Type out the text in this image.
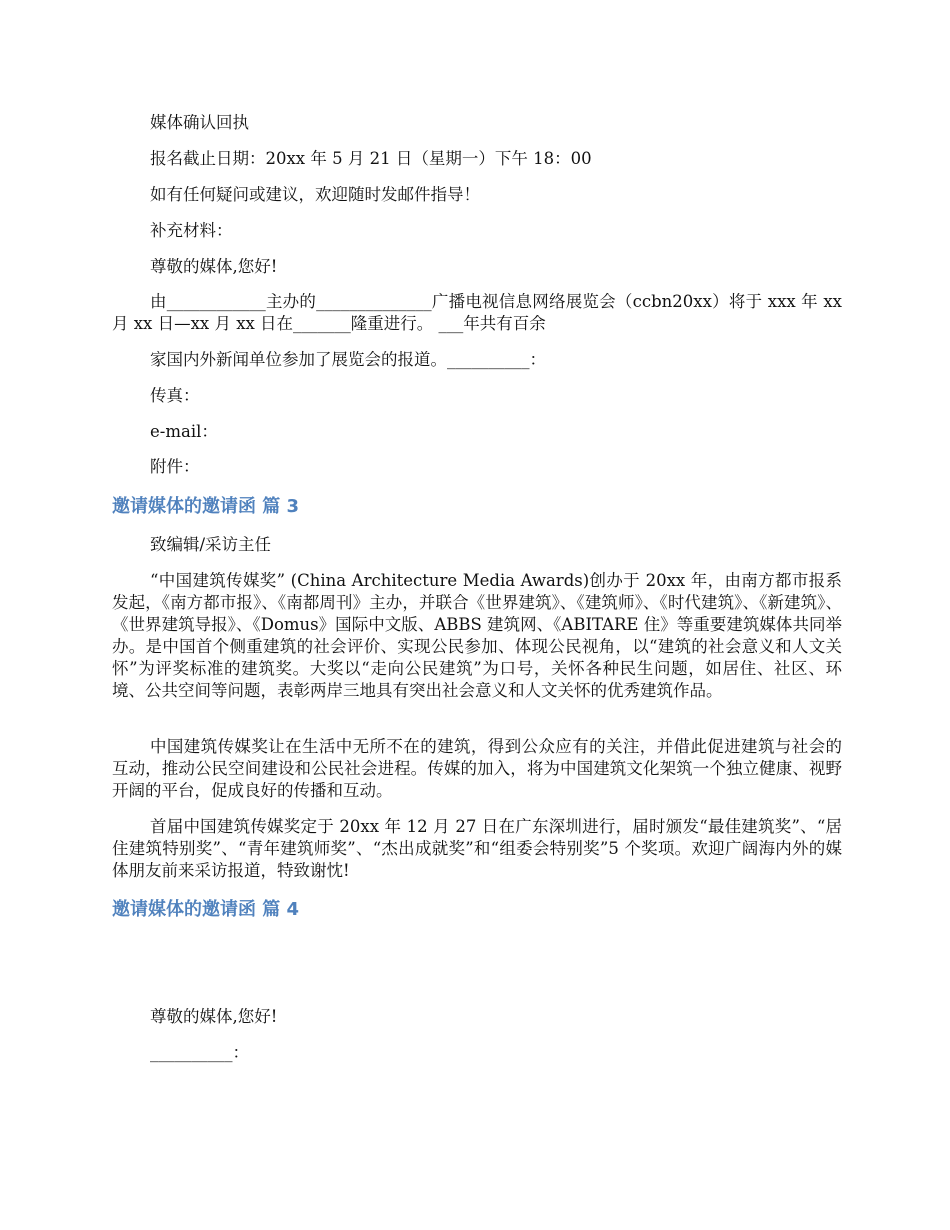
媒体确认回执
报名截止日期：20xx 年 5 月 21 日（星期一）下午 18：00
如有任何疑问或建议，欢迎随时发邮件指导！
补充材料：
尊敬的媒体,您好!
由____________主办的______________广播电视信息网络展览会（ccbn20xx）将于 xxx 年 xx 月 xx 日—xx 月 xx 日在_______隆重进行。 ___年共有百余
家国内外新闻单位参加了展览会的报道。__________：
传真：
e-mail：
附件：
邀请媒体的邀请函 篇 3
致编辑/采访主任
“中国建筑传媒奖” (China Architecture Media Awards)创办于 20xx 年，由南方都市报系发起，《南方都市报》、《南都周刊》主办，并联合《世界建筑》、《建筑师》、《时代建筑》、《新建筑》、《世界建筑导报》、《Domus》国际中文版、ABBS 建筑网、《ABITARE 住》等重要建筑媒体共同举办。是中国首个侧重建筑的社会评价、实现公民参加、体现公民视角，以“建筑的社会意义和人文关怀”为评奖标准的建筑奖。大奖以“走向公民建筑”为口号，关怀各种民生问题，如居住、社区、环境、公共空间等问题，表彰两岸三地具有突出社会意义和人文关怀的优秀建筑作品。
中国建筑传媒奖让在生活中无所不在的建筑，得到公众应有的关注，并借此促进建筑与社会的互动，推动公民空间建设和公民社会进程。传媒的加入，将为中国建筑文化架筑一个独立健康、视野开阔的平台，促成良好的传播和互动。
首届中国建筑传媒奖定于 20xx 年 12 月 27 日在广东深圳进行，届时颁发“最佳建筑奖”、“居住建筑特别奖”、“青年建筑师奖”、“杰出成就奖”和“组委会特别奖”5 个奖项。欢迎广阔海内外的媒体朋友前来采访报道，特致谢忱!
邀请媒体的邀请函 篇 4
尊敬的媒体,您好!
__________：
